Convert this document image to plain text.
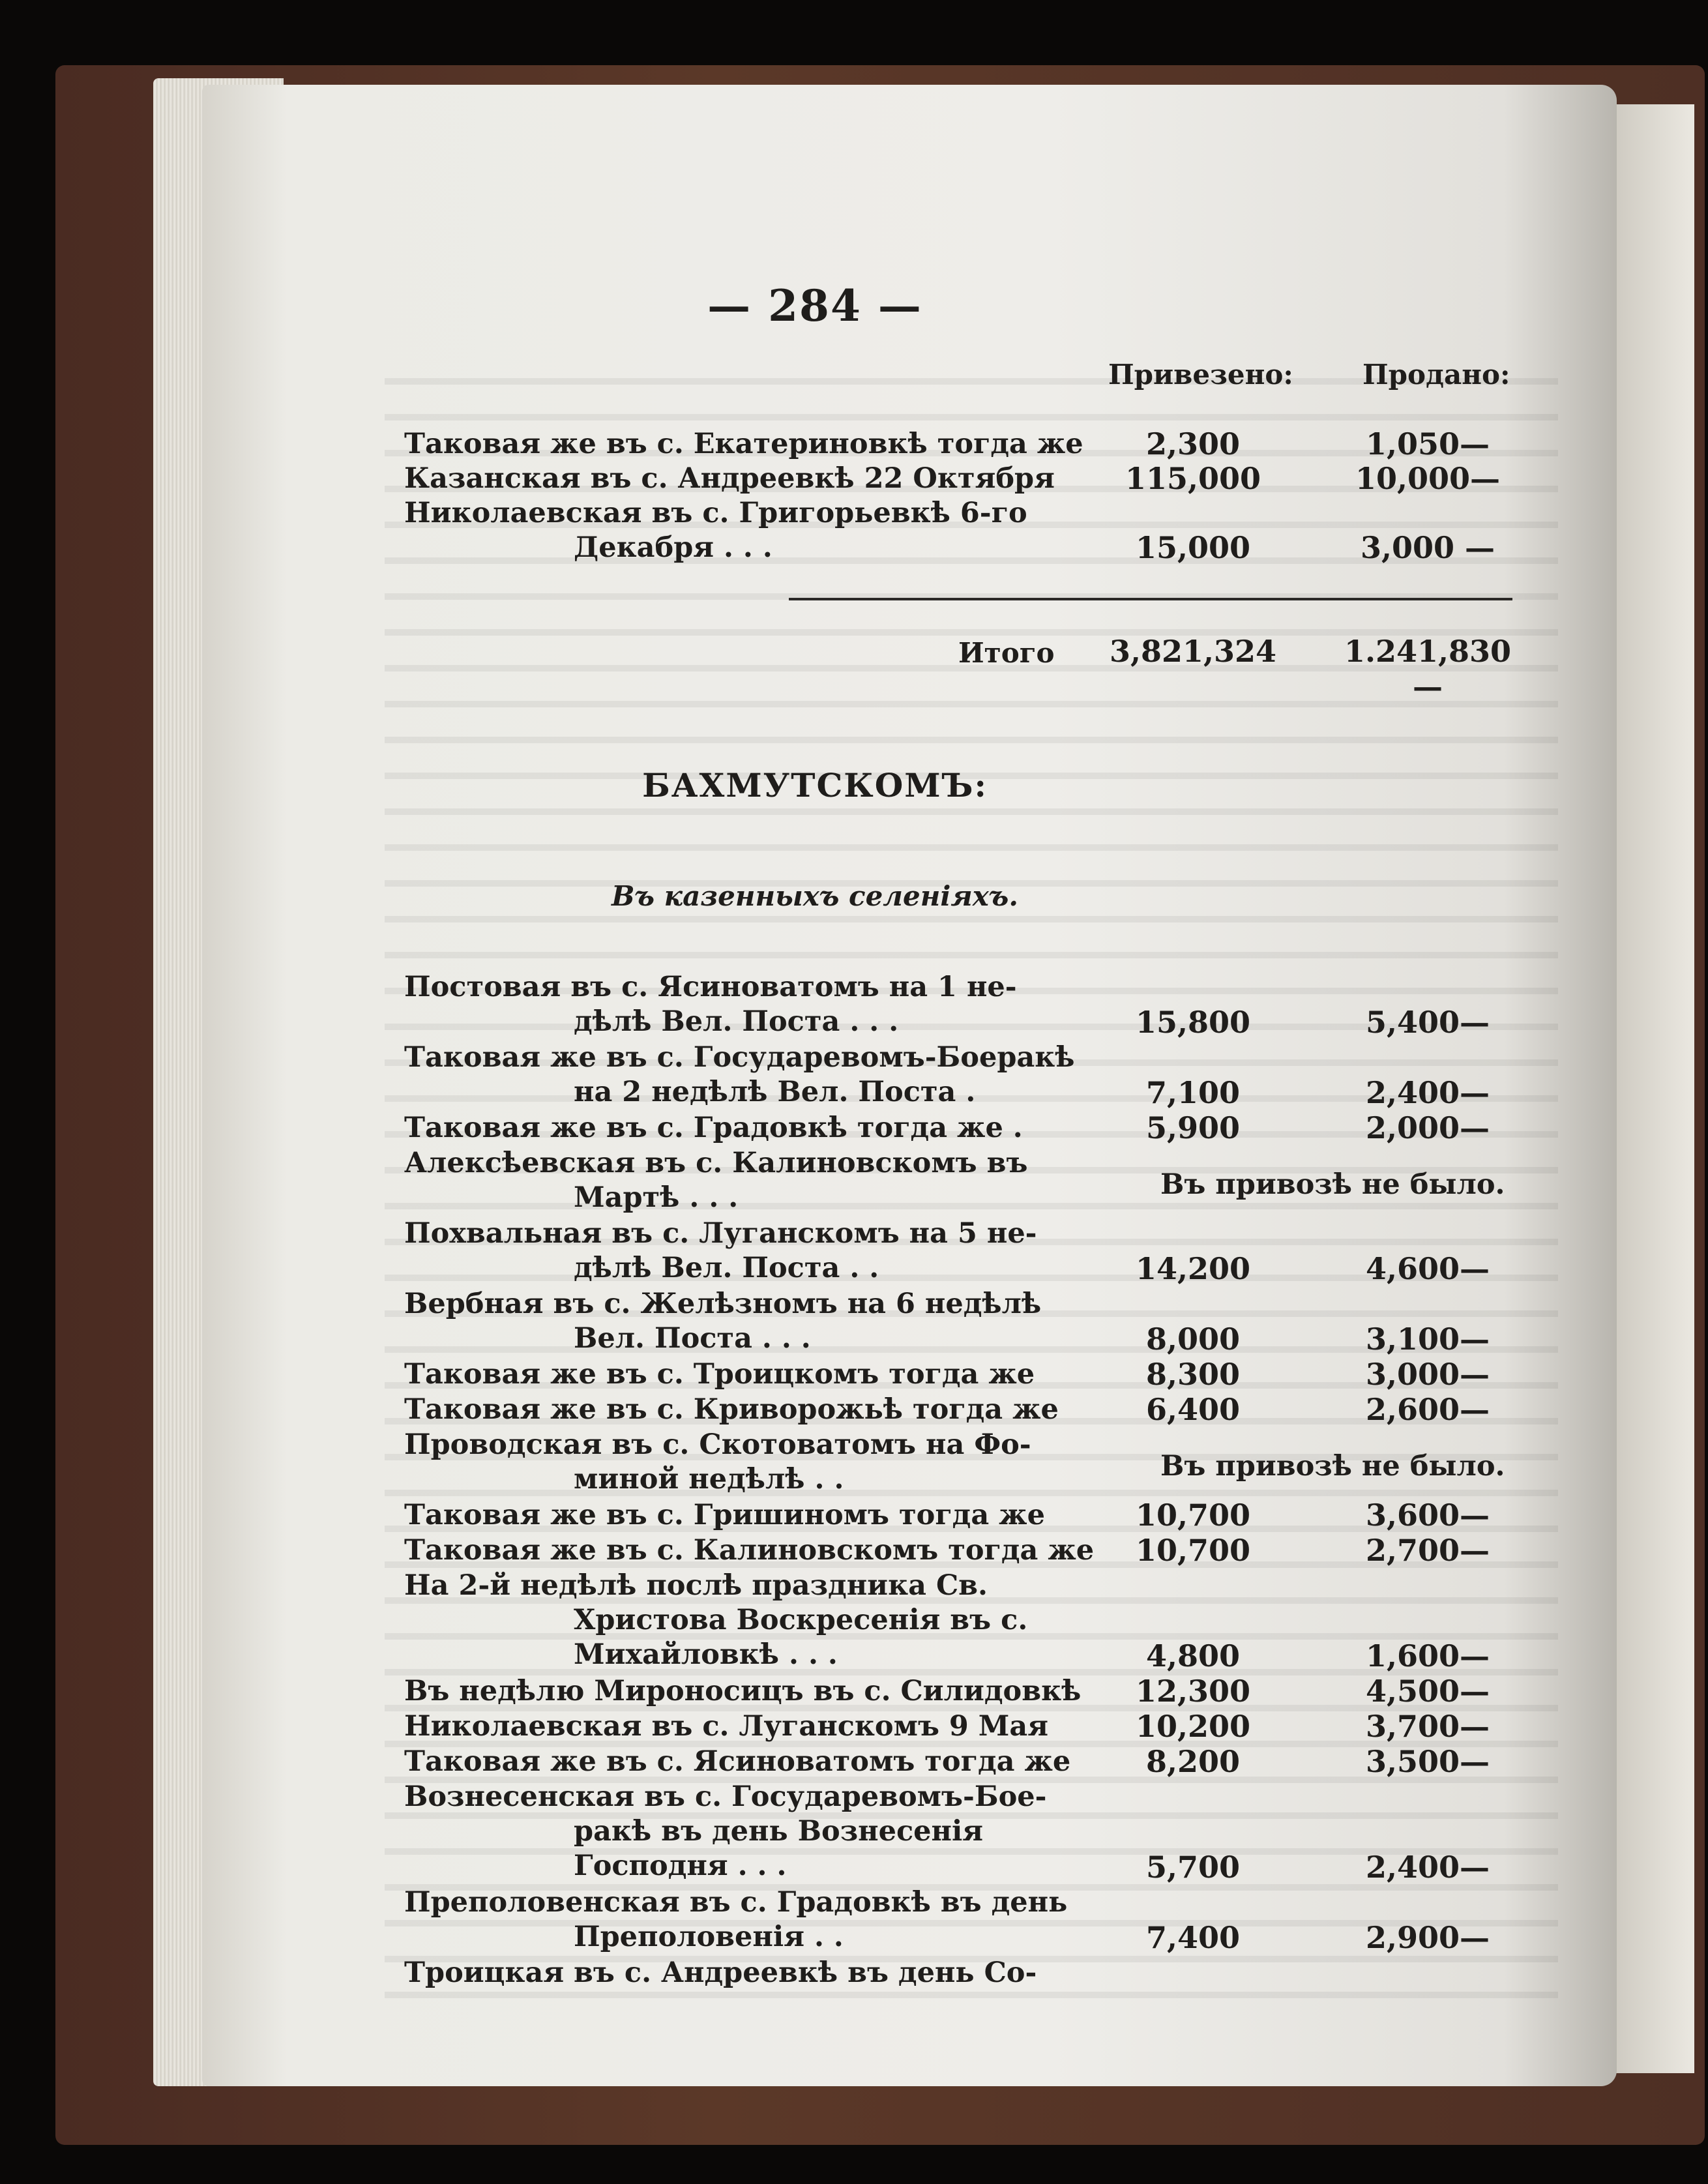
— 284 —
Привезено:	Продано:
Таковая же въ с. Екатериновкѣ тогда же	2,300	1,050—
Казанская въ с. Андреевкѣ 22 Октября	115,000	10,000—
Николаевская въ с. Григорьевкѣ 6-го
Декабря . . .	15,000	3,000 —
Итого 3,821,324 1.241,830—
БАХМУТСКОМЪ:
Въ казенныхъ селеніяхъ.
Постовая въ с. Ясиноватомъ на 1 не-
дѣлѣ Вел. Поста . . .	15,800	5,400—
Таковая же въ с. Государевомъ-Боеракѣ
на 2 недѣлѣ Вел. Поста .	7,100	2,400—
Таковая же въ с. Градовкѣ тогда же .	5,900	2,000—
Алексѣевская въ с. Калиновскомъ въ
Мартѣ . . .	Въ привозѣ не было.
Похвальная въ с. Луганскомъ на 5 не-
дѣлѣ Вел. Поста . .	14,200	4,600—
Вербная въ с. Желѣзномъ на 6 недѣлѣ
Вел. Поста . . .	8,000	3,100—
Таковая же въ с. Троицкомъ тогда же	8,300	3,000—
Таковая же въ с. Криворожьѣ тогда же	6,400	2,600—
Проводская въ с. Скотоватомъ на Фо-
миной недѣлѣ . .	Въ привозѣ не было.
Таковая же въ с. Гришиномъ тогда же	10,700	3,600—
Таковая же въ с. Калиновскомъ тогда же	10,700	2,700—
На 2-й недѣлѣ послѣ праздника Св.
Христова Воскресенія въ с.
Михайловкѣ . . .	4,800	1,600—
Въ недѣлю Мироносицъ въ с. Силидовкѣ	12,300	4,500—
Николаевская въ с. Луганскомъ 9 Мая	10,200	3,700—
Таковая же въ с. Ясиноватомъ тогда же	8,200	3,500—
Вознесенская въ с. Государевомъ-Бое-
ракѣ въ день Вознесенія
Господня . . .	5,700	2,400—
Преполовенская въ с. Градовкѣ въ день
Преполовенія . .	7,400	2,900—
Троицкая въ с. Андреевкѣ въ день Со-
